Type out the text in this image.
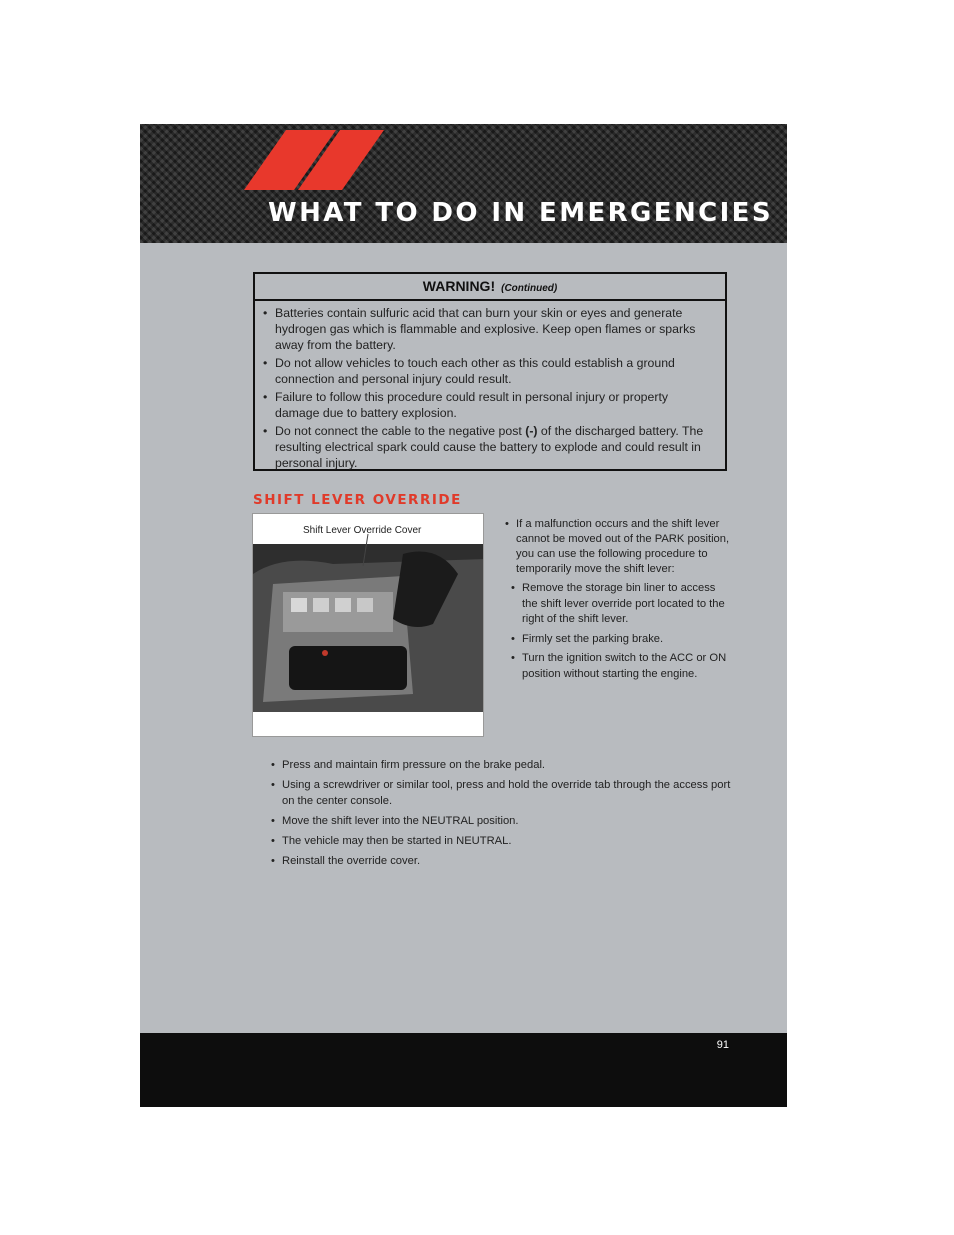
WHAT TO DO IN EMERGENCIES
WARNING! (Continued)
• Batteries contain sulfuric acid that can burn your skin or eyes and generate hydrogen gas which is flammable and explosive. Keep open flames or sparks away from the battery.
• Do not allow vehicles to touch each other as this could establish a ground connection and personal injury could result.
• Failure to follow this procedure could result in personal injury or property damage due to battery explosion.
• Do not connect the cable to the negative post (-) of the discharged battery. The resulting electrical spark could cause the battery to explode and could result in personal injury.
SHIFT LEVER OVERRIDE
Shift Lever Override Cover
• If a malfunction occurs and the shift lever cannot be moved out of the PARK position, you can use the following procedure to temporarily move the shift lever:
• Remove the storage bin liner to access the shift lever override port located to the right of the shift lever.
• Firmly set the parking brake.
• Turn the ignition switch to the ACC or ON position without starting the engine.
• Press and maintain firm pressure on the brake pedal.
• Using a screwdriver or similar tool, press and hold the override tab through the access port on the center console.
• Move the shift lever into the NEUTRAL position.
• The vehicle may then be started in NEUTRAL.
• Reinstall the override cover.
91
